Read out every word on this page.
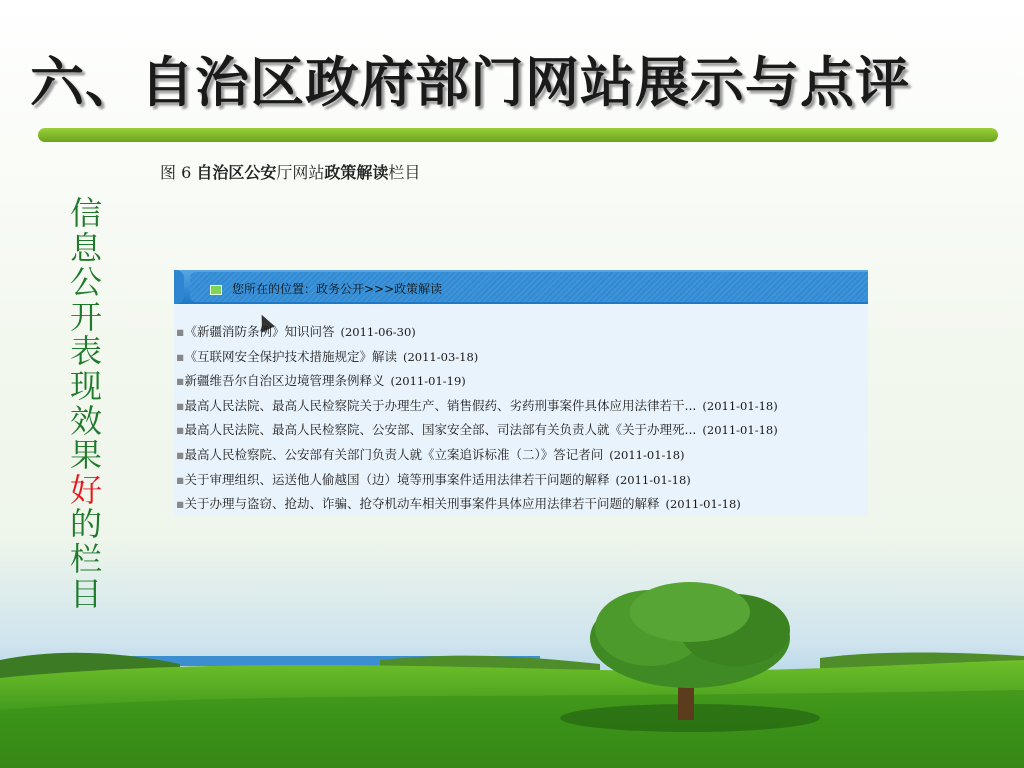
六、自治区政府部门网站展示与点评
图 6 自治区公安厅网站政策解读栏目
信
息
公
开
表
现
效
果
好
的
栏
目
您所在的位置：政务公开>>>政策解读
▪《新疆消防条例》知识问答 (2011-06-30)
▪《互联网安全保护技术措施规定》解读 (2011-03-18)
▪新疆维吾尔自治区边境管理条例释义 (2011-01-19)
▪最高人民法院、最高人民检察院关于办理生产、销售假药、劣药刑事案件具体应用法律若干... (2011-01-18)
▪最高人民法院、最高人民检察院、公安部、国家安全部、司法部有关负责人就《关于办理死... (2011-01-18)
▪最高人民检察院、公安部有关部门负责人就《立案追诉标准（二）》答记者问 (2011-01-18)
▪关于审理组织、运送他人偷越国（边）境等刑事案件适用法律若干问题的解释 (2011-01-18)
▪关于办理与盗窃、抢劫、诈骗、抢夺机动车相关刑事案件具体应用法律若干问题的解释 (2011-01-18)
